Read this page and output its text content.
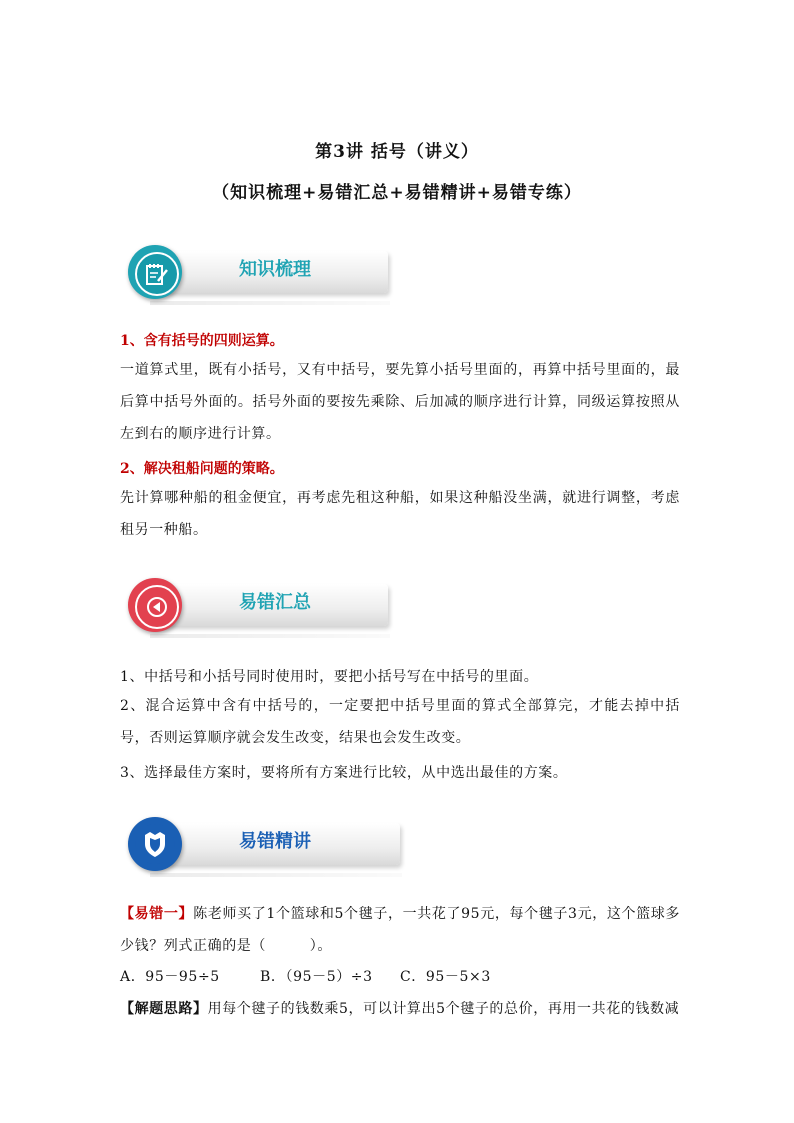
第3讲 括号（讲义）
（知识梳理+易错汇总+易错精讲+易错专练）
知识梳理
1、含有括号的四则运算。
一道算式里，既有小括号，又有中括号，要先算小括号里面的，再算中括号里面的，最后算中括号外面的。括号外面的要按先乘除、后加减的顺序进行计算，同级运算按照从左到右的顺序进行计算。
2、解决租船问题的策略。
先计算哪种船的租金便宜，再考虑先租这种船，如果这种船没坐满，就进行调整，考虑租另一种船。
易错汇总
1、中括号和小括号同时使用时，要把小括号写在中括号的里面。
2、混合运算中含有中括号的，一定要把中括号里面的算式全部算完，才能去掉中括号，否则运算顺序就会发生改变，结果也会发生改变。
3、选择最佳方案时，要将所有方案进行比较，从中选出最佳的方案。
易错精讲
【易错一】陈老师买了1个篮球和5个毽子，一共花了95元，每个毽子3元，这个篮球多少钱？列式正确的是（　　　）。
A．95－95÷5	B．（95－5）÷3 C．95－5×3
【解题思路】用每个毽子的钱数乘5，可以计算出5个毽子的总价，再用一共花的钱数减
